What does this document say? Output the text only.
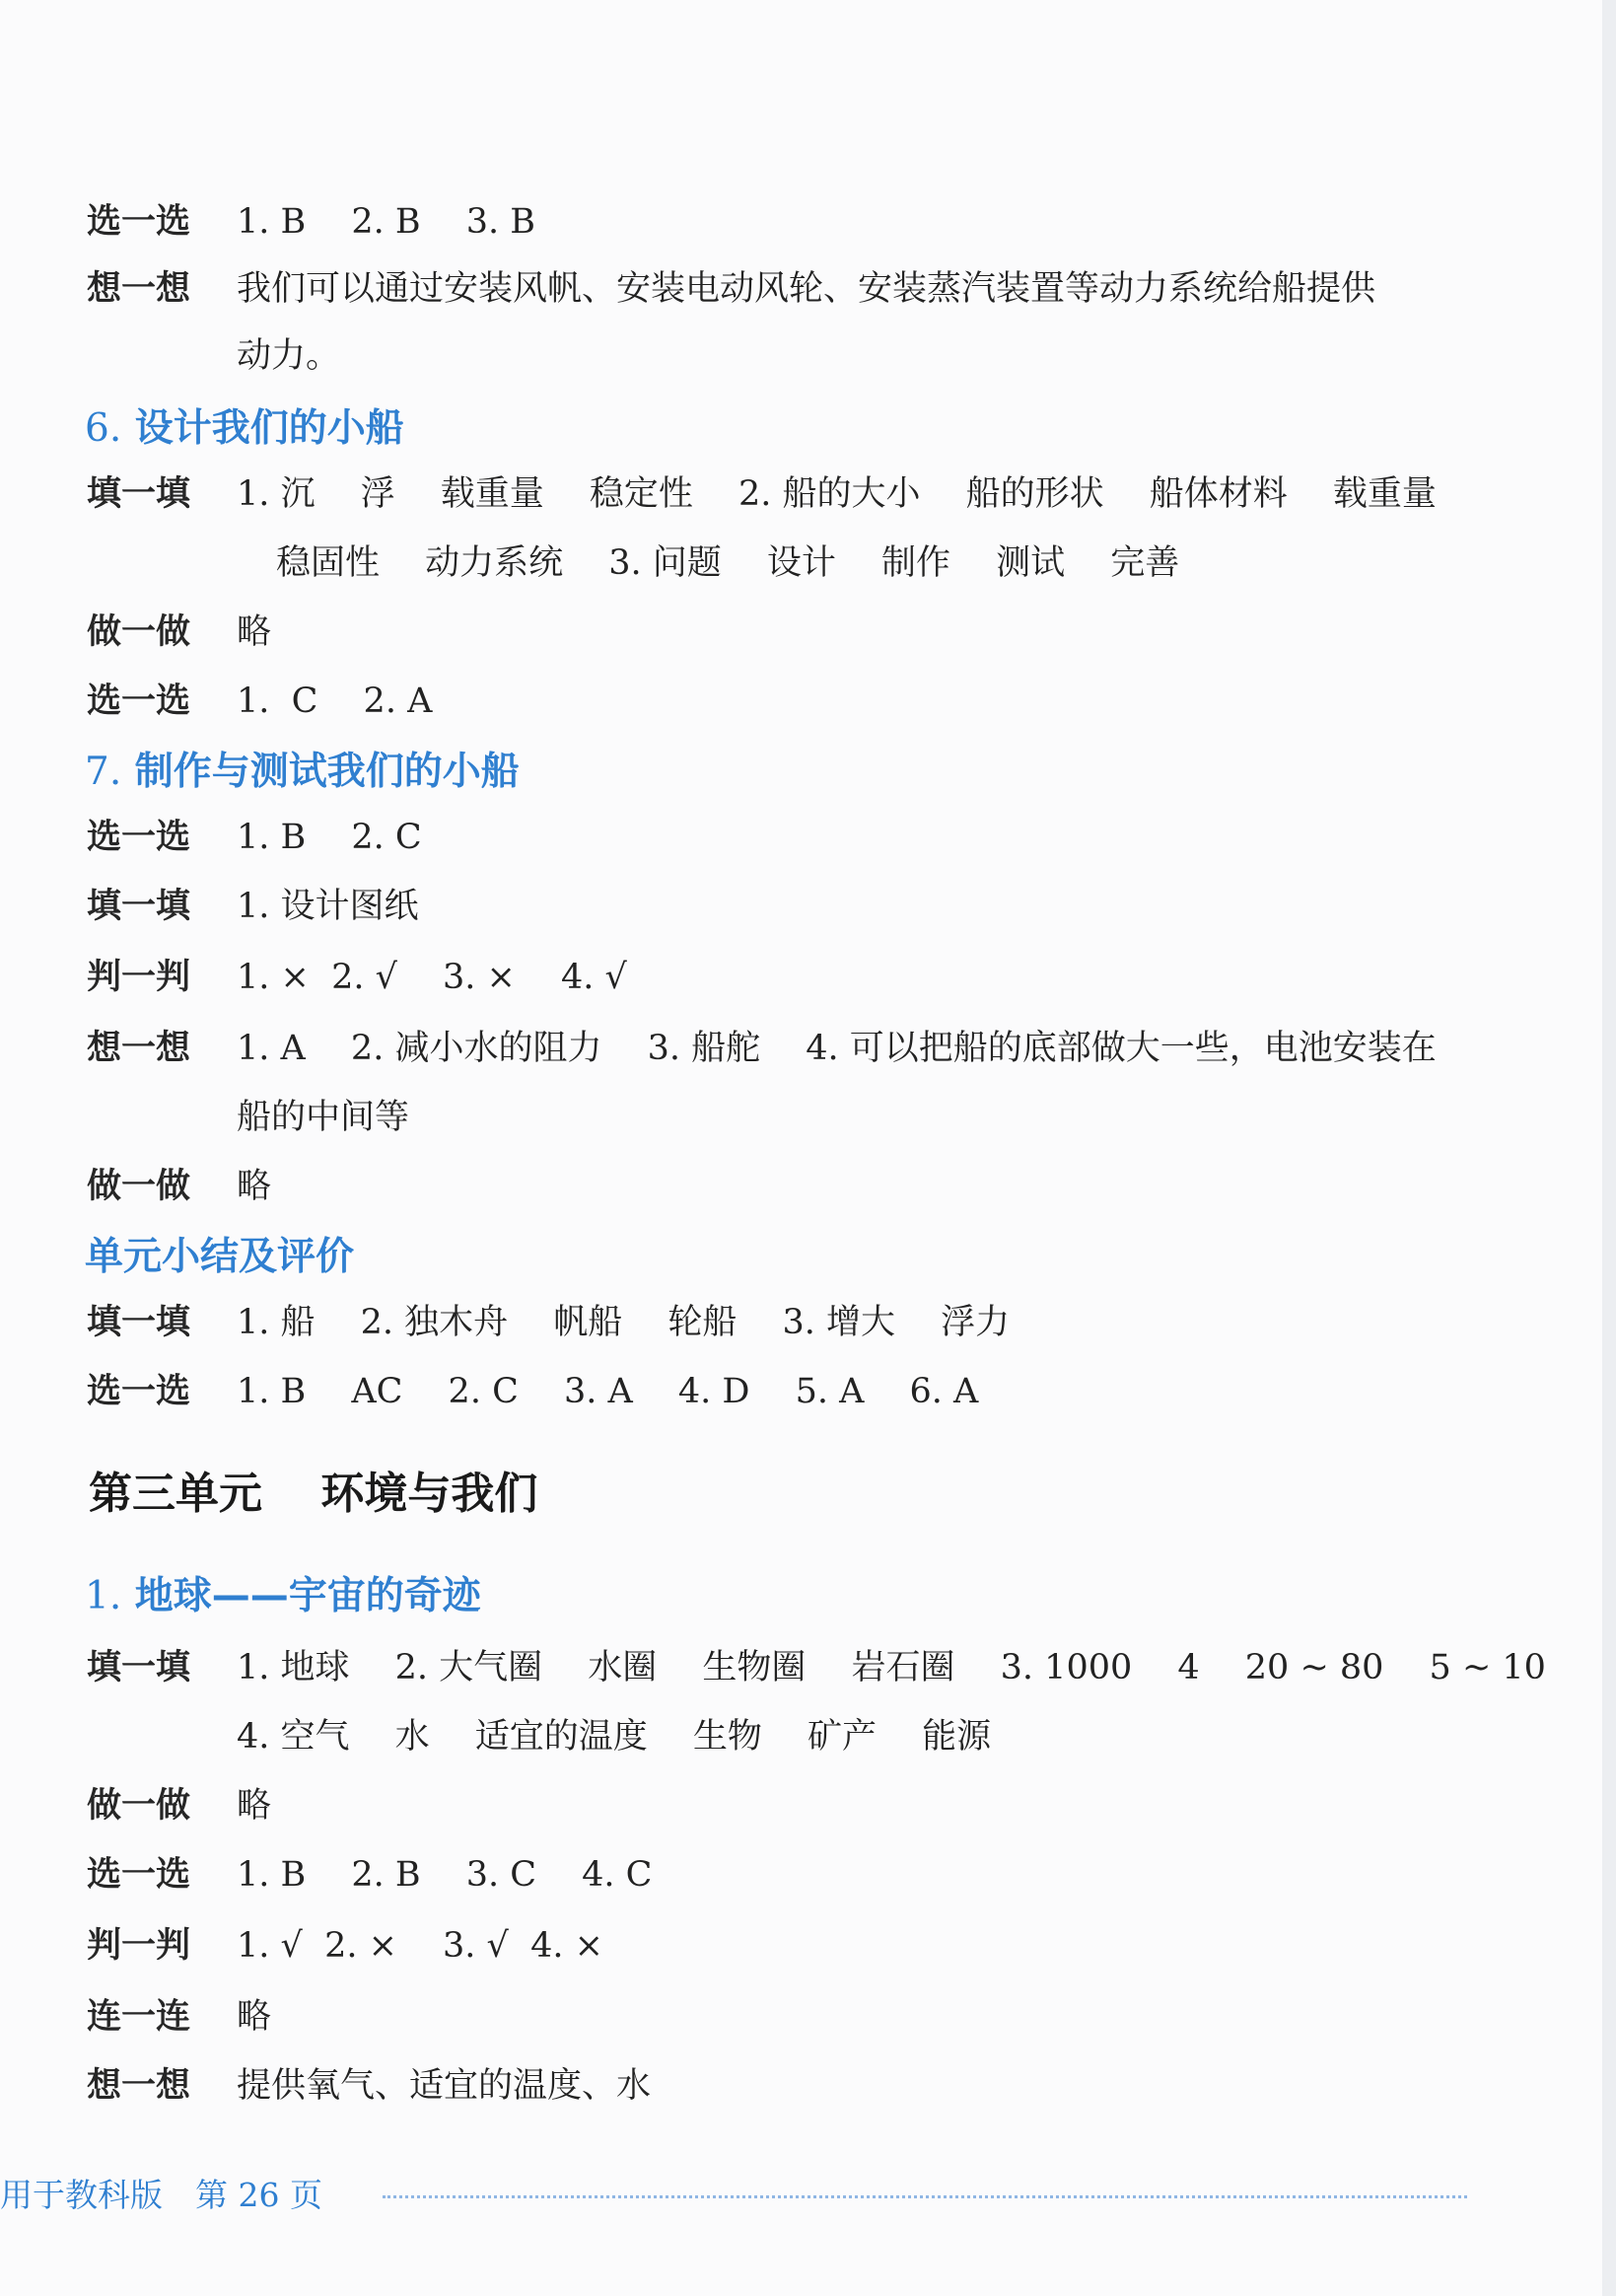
选一选 1. B　 2. B　 3. B
想一想 我们可以通过安装风帆、安装电动风轮、安装蒸汽装置等动力系统给船提供
动力。
6. 设计我们的小船
填一填 1. 沉　 浮　 载重量　 稳定性　 2. 船的大小　 船的形状　 船体材料　 载重量
稳固性　 动力系统　 3. 问题　 设计　 制作　 测试　 完善
做一做 略
选一选 1.  C　 2. A
7. 制作与测试我们的小船
选一选 1. B　 2. C
填一填 1. 设计图纸
判一判 1. ×  2. √　 3. ×　 4. √
想一想 1. A　 2. 减小水的阻力　 3. 船舵　 4. 可以把船的底部做大一些，电池安装在
船的中间等
做一做 略
单元小结及评价
填一填 1. 船　 2. 独木舟　 帆船　 轮船　 3. 增大　 浮力
选一选 1. B　 AC　 2. C　 3. A　 4. D　 5. A　 6. A
第三单元　 环境与我们
1. 地球——宇宙的奇迹
填一填 1. 地球　 2. 大气圈　 水圈　 生物圈　 岩石圈　 3. 1000　 4　 20 ~ 80　 5 ~ 10
4. 空气　 水　 适宜的温度　 生物　 矿产　 能源
做一做 略
选一选 1. B　 2. B　 3. C　 4. C
判一判 1. √  2. ×　 3. √  4. ×
连一连 略
想一想 提供氧气、适宜的温度、水
用于教科版　第 26 页
